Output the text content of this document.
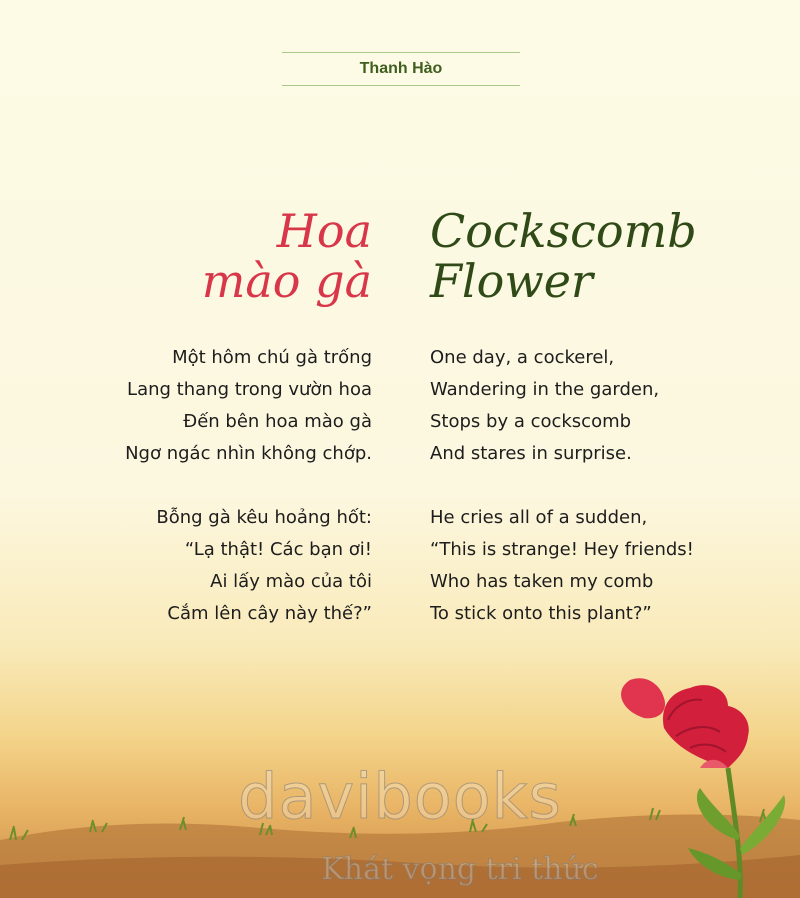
Thanh Hào
Hoa
mào gà
Cockscomb
Flower
Một hôm chú gà trống
Lang thang trong vườn hoa
Đến bên hoa mào gà
Ngơ ngác nhìn không chớp.
One day, a cockerel,
Wandering in the garden,
Stops by a cockscomb
And stares in surprise.
Bỗng gà kêu hoảng hốt:
“Lạ thật! Các bạn ơi!
Ai lấy mào của tôi
Cắm lên cây này thế?”
He cries all of a sudden,
“This is strange! Hey friends!
Who has taken my comb
To stick onto this plant?”
davibooks
Khát vọng tri thức
